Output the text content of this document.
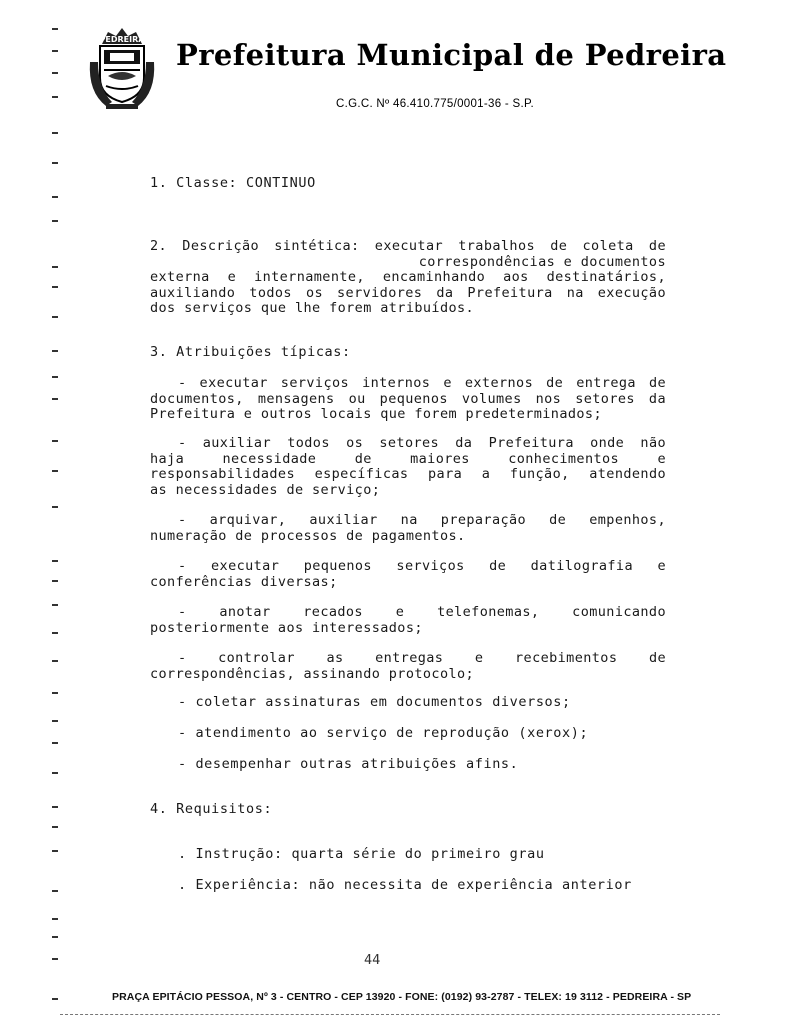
PEDREIRA Prefeitura Municipal de Pedreira
C.G.C. Nº 46.410.775/0001-36 - S.P.
1. Classe: CONTINUO
2. Descrição sintética: executar trabalhos de coleta de
correspondências e documentos
externa e internamente, encaminhando aos destinatários,
auxiliando todos os servidores da Prefeitura na execução
dos serviços que lhe forem atribuídos.
3. Atribuições típicas:
- executar serviços internos e externos de entrega de
documentos, mensagens ou pequenos volumes nos setores da
Prefeitura e outros locais que forem predeterminados;
- auxiliar todos os setores da Prefeitura onde não
haja necessidade de maiores conhecimentos e
responsabilidades específicas para a função, atendendo
as necessidades de serviço;
- arquivar, auxiliar na preparação de empenhos,
numeração de processos de pagamentos.
- executar pequenos serviços de datilografia e
conferências diversas;
- anotar recados e telefonemas, comunicando
posteriormente aos interessados;
- controlar as entregas e recebimentos de
correspondências, assinando protocolo;
- coletar assinaturas em documentos diversos;
- atendimento ao serviço de reprodução (xerox);
- desempenhar outras atribuições afins.
4. Requisitos:
. Instrução: quarta série do primeiro grau
. Experiência: não necessita de experiência anterior
44
PRAÇA EPITÁCIO PESSOA, Nº 3 - CENTRO - CEP 13920 - FONE: (0192) 93-2787 - TELEX: 19 3112 - PEDREIRA - SP
